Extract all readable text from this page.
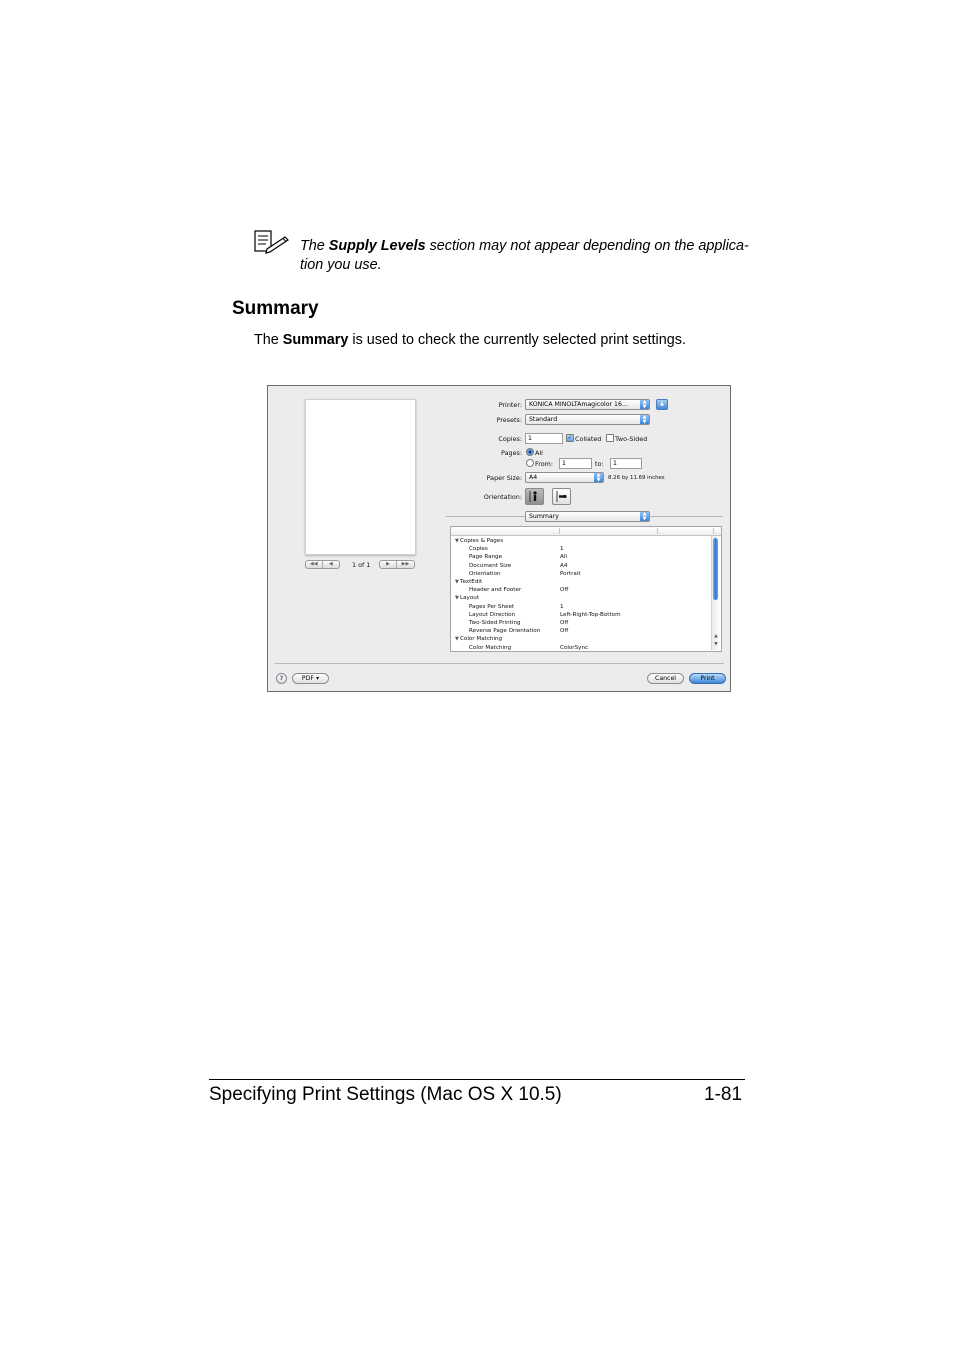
The Supply Levels section may not appear depending on the applica-
tion you use.
Summary
The Summary is used to check the currently selected print settings.
◀◀	◀	1 of 1	▶	▶▶
Printer:	KONICA MINOLTAmagicolor 16...	▲
▼	▲
Presets:	Standard	▲
▼
Copies: 1	✓ Collated Two-Sided
Pages: All
From:	1	to:	1
Paper Size:	A4	▲
▼	8.26 by 11.69 inches
Orientation:
Summary	▲
▼
▼ Copies & Pages
Copies	1
Page Range	All
Document Size	A4
Orientation	Portrait
▼ TextEdit
Header and Footer	Off
▼ Layout
Pages Per Sheet	1
Layout Direction	Left-Right-Top-Bottom
Two-Sided Printing	Off
Reverse Page Orientation	Off
▼ Color Matching
Color Matching	ColorSync
▲
▼
?	PDF ▾	Cancel	Print
Specifying Print Settings (Mac OS X 10.5)	1-81
